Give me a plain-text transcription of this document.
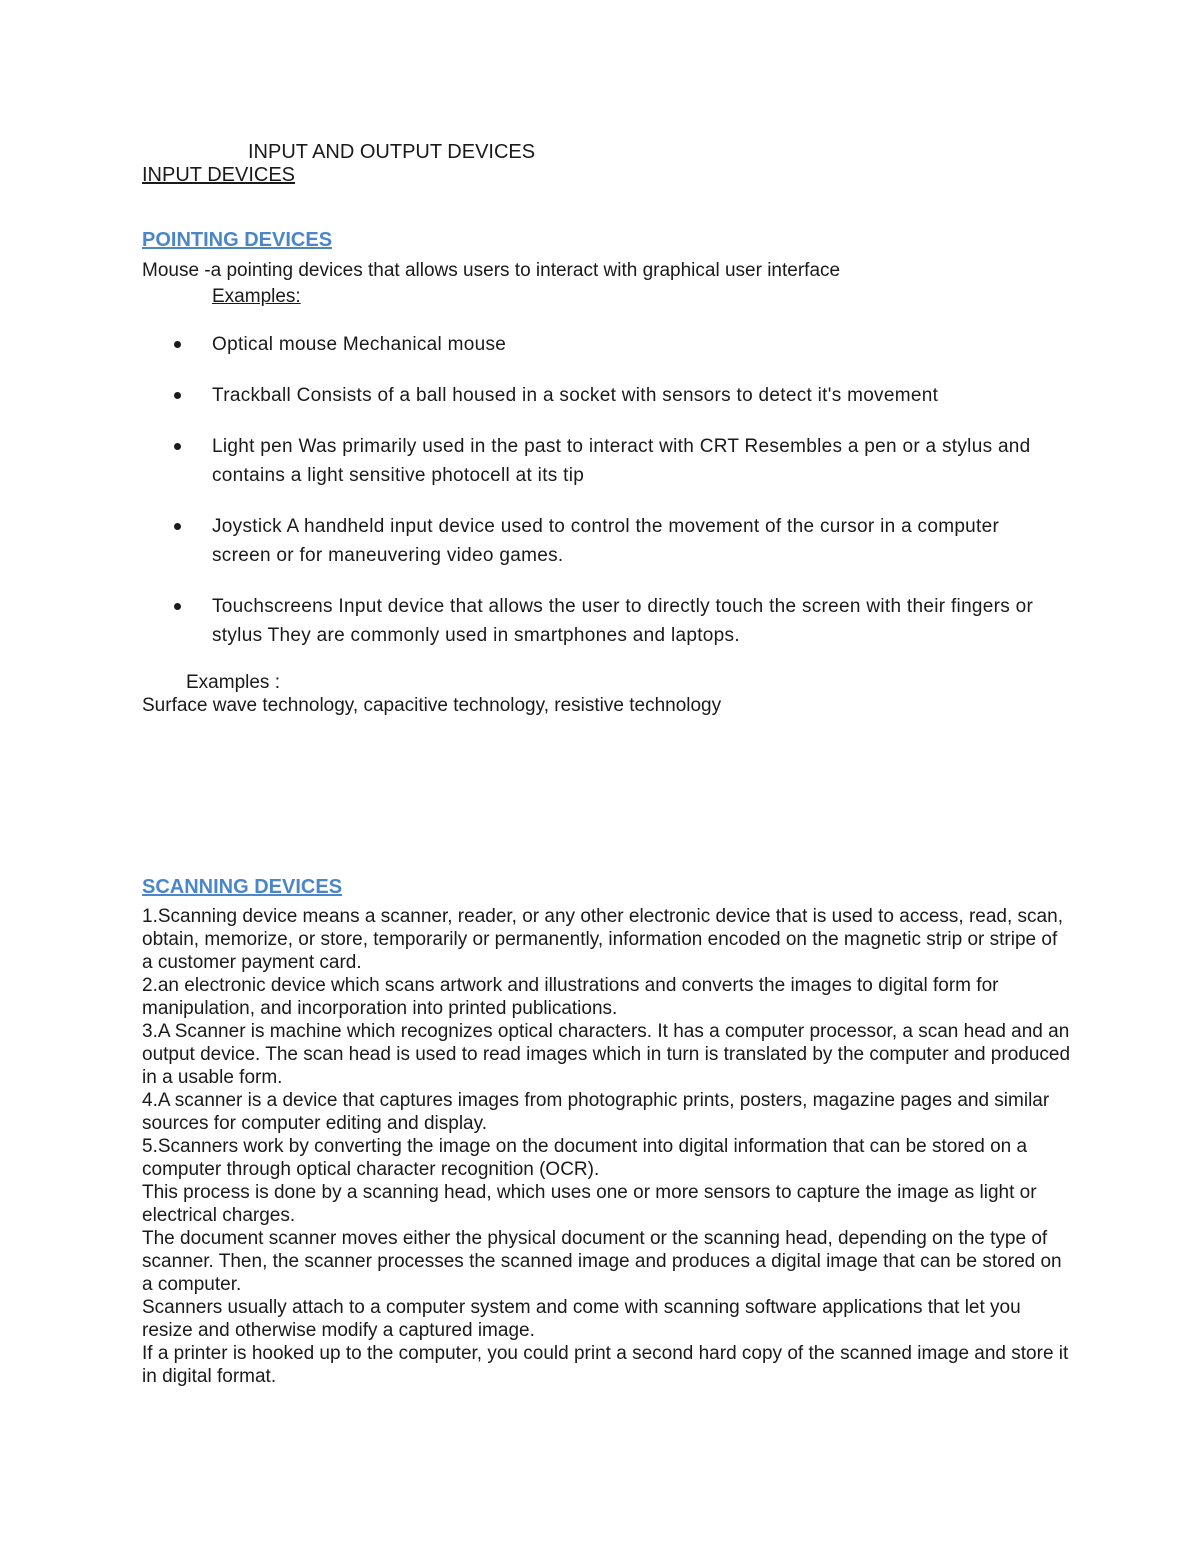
INPUT AND OUTPUT DEVICES
INPUT DEVICES
POINTING DEVICES
Mouse -a pointing devices that allows users to interact with graphical user interface
Examples:
Optical mouse Mechanical mouse
Trackball Consists of a ball housed in a socket with sensors to detect it's movement
Light pen Was primarily used in the past to interact with CRT Resembles a pen or a stylus and contains a light sensitive photocell at its tip
Joystick A handheld input device used to control the movement of the cursor in a computer screen or for maneuvering video games.
Touchscreens Input device that allows the user to directly touch the screen with their fingers or stylus They are commonly used in smartphones and laptops.
Examples :
Surface wave technology, capacitive technology, resistive technology
SCANNING DEVICES

1.Scanning device means a scanner, reader, or any other electronic device that is used to access, read, scan, obtain, memorize, or store, temporarily or permanently, information encoded on the magnetic strip or stripe of a customer payment card.

2.an electronic device which scans artwork and illustrations and converts the images to digital form for manipulation, and incorporation into printed publications.

3.A Scanner is machine which recognizes optical characters. It has a computer processor, a scan head and an output device. The scan head is used to read images which in turn is translated by the computer and produced in a usable form.

4.A scanner is a device that captures images from photographic prints, posters, magazine pages and similar sources for computer editing and display.

5.Scanners work by converting the image on the document into digital information that can be stored on a computer through optical character recognition (OCR).

This process is done by a scanning head, which uses one or more sensors to capture the image as light or electrical charges.

The document scanner moves either the physical document or the scanning head, depending on the type of scanner. Then, the scanner processes the scanned image and produces a digital image that can be stored on a computer.

Scanners usually attach to a computer system and come with scanning software applications that let you resize and otherwise modify a captured image.

If a printer is hooked up to the computer, you could print a second hard copy of the scanned image and store it in digital format.
